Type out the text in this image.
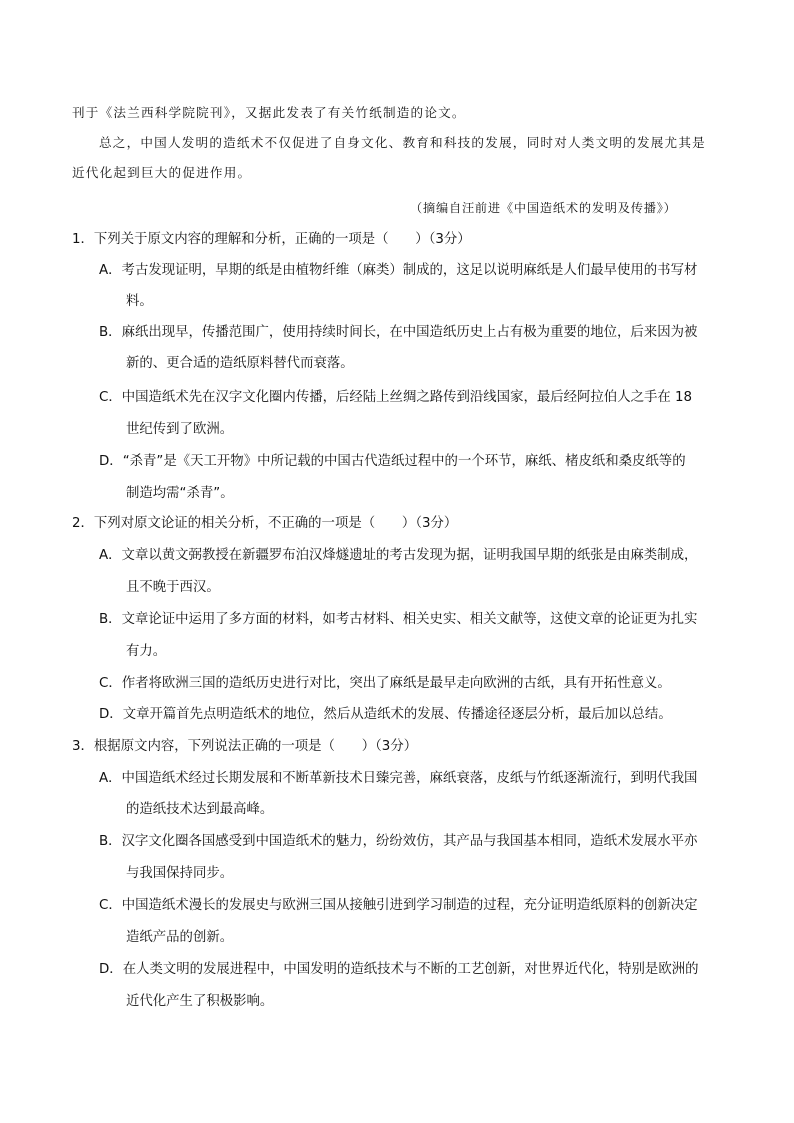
刊于《法兰西科学院院刊》，又据此发表了有关竹纸制造的论文。
总之，中国人发明的造纸术不仅促进了自身文化、教育和科技的发展，同时对人类文明的发展尤其是
近代化起到巨大的促进作用。
（摘编自汪前进《中国造纸术的发明及传播》）
1．下列关于原文内容的理解和分析，正确的一项是（　　）（3分）
A．考古发现证明，早期的纸是由植物纤维（麻类）制成的，这足以说明麻纸是人们最早使用的书写材
料。
B．麻纸出现早，传播范围广，使用持续时间长，在中国造纸历史上占有极为重要的地位，后来因为被
新的、更合适的造纸原料替代而衰落。
C．中国造纸术先在汉字文化圈内传播，后经陆上丝绸之路传到沿线国家，最后经阿拉伯人之手在 18
世纪传到了欧洲。
D．“杀青”是《天工开物》中所记载的中国古代造纸过程中的一个环节，麻纸、楮皮纸和桑皮纸等的
制造均需“杀青”。
2．下列对原文论证的相关分析，不正确的一项是（　　）（3分）
A．文章以黄文弼教授在新疆罗布泊汉烽燧遗址的考古发现为据，证明我国早期的纸张是由麻类制成，
且不晚于西汉。
B．文章论证中运用了多方面的材料，如考古材料、相关史实、相关文献等，这使文章的论证更为扎实
有力。
C．作者将欧洲三国的造纸历史进行对比，突出了麻纸是最早走向欧洲的古纸，具有开拓性意义。
D．文章开篇首先点明造纸术的地位，然后从造纸术的发展、传播途径逐层分析，最后加以总结。
3．根据原文内容，下列说法正确的一项是（　　）（3分）
A．中国造纸术经过长期发展和不断革新技术日臻完善，麻纸衰落，皮纸与竹纸逐渐流行，到明代我国
的造纸技术达到最高峰。
B．汉字文化圈各国感受到中国造纸术的魅力，纷纷效仿，其产品与我国基本相同，造纸术发展水平亦
与我国保持同步。
C．中国造纸术漫长的发展史与欧洲三国从接触引进到学习制造的过程，充分证明造纸原料的创新决定
造纸产品的创新。
D．在人类文明的发展进程中，中国发明的造纸技术与不断的工艺创新，对世界近代化，特别是欧洲的
近代化产生了积极影响。
